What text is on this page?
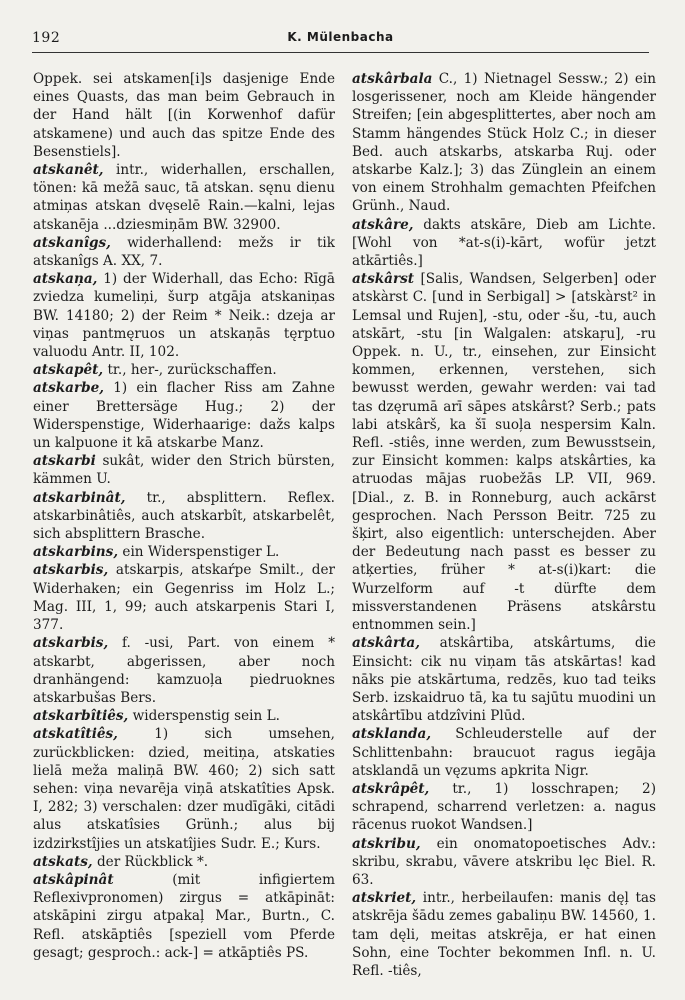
192	K. Mülenbacha

Oppek. sei atskamen[i]s dasjenige Ende eines Quasts, das man beim Gebrauch in der Hand hält [(in Korwenhof dafür atskamene) und auch das spitze Ende des Besenstiels].

atskanêt, intr., widerhallen, erschallen, tönen: kā mežā sauc, tā atskan. sęnu dienu atmiņas atskan dvęselē Rain.—kalni, lejas atskanēja ...dziesmiņām BW. 32900.

atskanîgs, widerhallend: mežs ir tik atskanîgs A. XX, 7.

atskaņa, 1) der Widerhall, das Echo: Rīgā zviedza kumeliņi, šurp atgāja atskaniņas BW. 14180; 2) der Reim * Neik.: dzeja ar viņas pantmęruos un atskaņās tęrptuo valuodu Antr. II, 102.

atskapêt, tr., her-, zurückschaffen.

atskarbe, 1) ein flacher Riss am Zahne einer Brettersäge Hug.; 2) der Widerspenstige, Widerhaarige: dažs kalps un kalpuone it kā atskarbe Manz.

atskarbi sukât, wider den Strich bürsten, kämmen U.

atskarbinât, tr., absplittern. Reflex. atskarbinâtiês, auch atskarbît, atskarbelêt, sich absplittern Brasche.

atskarbins, ein Widerspenstiger L.

atskarbis, atskarpis, atskaŕpe Smilt., der Widerhaken; ein Gegenriss im Holz L.; Mag. III, 1, 99; auch atskarpenis Stari I, 377.

atskarbis, f. -usi, Part. von einem * atskarbt, abgerissen, aber noch dranhängend: kamzuoļa piedruoknes atskarbušas Bers.

atskarbîtiês, widerspenstig sein L.

atskatîtiês,	1) sich umsehen, zurückblicken: dzied, meitiņa, atskaties lielā meža maliņā BW. 460; 2) sich satt sehen: viņa nevarēja viņā atskatîties Apsk. I, 282; 3) verschalen: dzer mudīgāki, citādi alus atskatîsies Grünh.; alus bij izdzirkstîjies un atskatîjies Sudr. E.; Kurs.

atskats, der Rückblick *.

atskâpinât	(mit infigiertem Reflexivpronomen) zirgus = atkāpināt: atskāpini zirgu atpakaļ Mar., Burtn., C. Refl. atskāptiês [speziell vom Pferde gesagt; gesproch.: ack-] = atkāptiês PS.

atskârbala C., 1) Nietnagel Sessw.; 2) ein losgerissener, noch am Kleide hängender Streifen; [ein abgesplittertes, aber noch am Stamm hängendes Stück Holz C.; in dieser Bed. auch atskarbs, atskarba Ruj. oder atskarbe Kalz.]; 3) das Zünglein an einem von einem Strohhalm gemachten Pfeifchen Grünh., Naud.

atskâre, dakts atskāre, Dieb am Lichte. [Wohl von *at-s(i)-kārt, wofür jetzt atkārtiês.]

atskârst [Salis, Wandsen, Selgerben] oder atskàrst C. [und in Serbigal] > [atskàrst² in Lemsal und Rujen], -stu, oder -šu, -tu, auch atskārt, -stu [in Walgalen: atskaŗu], -ru Oppek. n. U., tr., einsehen, zur Einsicht kommen, erkennen, verstehen, sich bewusst werden, gewahr werden: vai tad tas dzęrumā arī sāpes atskârst? Serb.; pats labi atskârš, ka šī suoļa nespersim Kaln. Refl. -stiês, inne werden, zum Bewusstsein, zur Einsicht kommen: kalps atskârties, ka atruodas mājas ruobežās LP. VII, 969. [Dial., z. B. in Ronneburg, auch ackārst gesprochen. Nach Persson Beitr. 725 zu šķirt, also eigentlich: unterschejden. Aber der Bedeutung nach passt es besser zu atķerties, früher * at-s(i)kart: die Wurzelform auf -t dürfte dem missverstandenen Präsens atskârstu entnommen sein.]

atskârta, atskârtiba, atskârtums, die Einsicht: cik nu viņam tās atskārtas! kad nāks pie atskārtuma, redzēs, kuo tad teiks Serb. izskaidruo tā, ka tu sajūtu muodini un atskârtību atdzîvini Plūd.

atsklanda, Schleuderstelle auf der Schlittenbahn: braucuot ragus iegāja atsklandā un vęzums apkrita Nigr.

atskrâpêt, tr., 1) losschrapen; 2) schrapend, scharrend verletzen: a. nagus rācenus ruokot Wandsen.]

atskribu, ein onomatopoetisches Adv.: skribu, skrabu, vāvere atskribu lęc Biel. R. 63.

atskriet, intr., herbeilaufen: manis dęļ tas atskrēja šādu zemes gabaliņu BW. 14560, 1. tam dęli, meitas atskrēja, er hat einen Sohn, eine Tochter bekommen Infl. n. U. Refl. -tiês,
